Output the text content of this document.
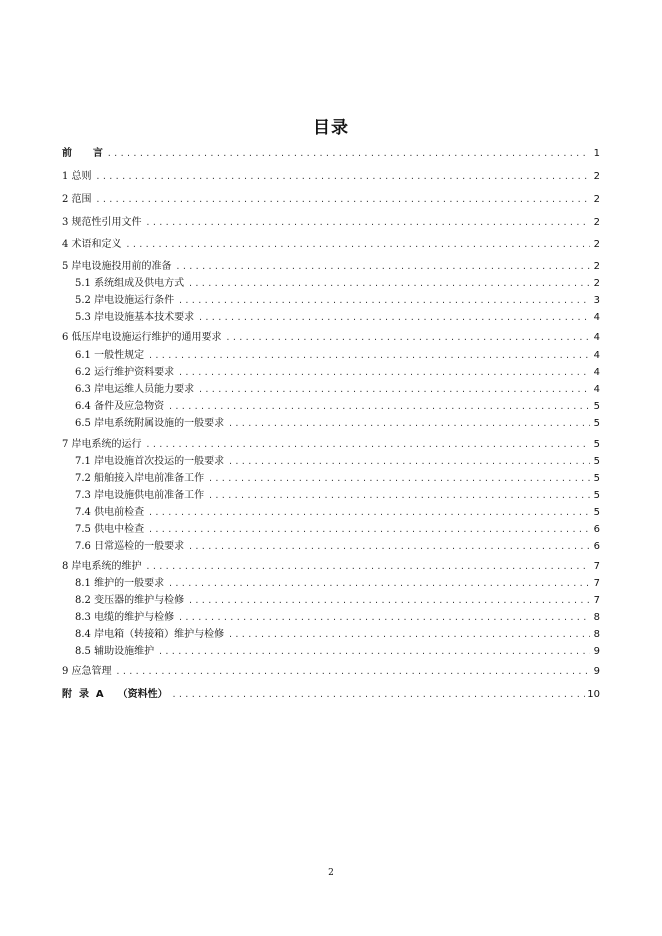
目录
前      言 .....	1
1 总则 .....	2
2 范围 .....	2
3 规范性引用文件 .....	2
4 术语和定义 .....	2
5 岸电设施投用前的准备 .....	2
5.1 系统组成及供电方式 .....	2
5.2 岸电设施运行条件 .....	3
5.3 岸电设施基本技术要求 .....	4
6 低压岸电设施运行维护的通用要求 .....	4
6.1 一般性规定 .....	4
6.2 运行维护资料要求 .....	4
6.3 岸电运维人员能力要求 .....	4
6.4 备件及应急物资 .....	5
6.5 岸电系统附属设施的一般要求 .....	5
7 岸电系统的运行 .....	5
7.1 岸电设施首次投运的一般要求 .....	5
7.2 船舶接入岸电前准备工作 .....	5
7.3 岸电设施供电前准备工作 .....	5
7.4 供电前检查 .....	5
7.5 供电中检查 .....	6
7.6 日常巡检的一般要求 .....	6
8 岸电系统的维护 .....	7
8.1 维护的一般要求 .....	7
8.2 变压器的维护与检修 .....	7
8.3 电缆的维护与检修 .....	8
8.4 岸电箱（转接箱）维护与检修 .....	8
8.5 辅助设施维护 .....	9
9 应急管理 .....	9
附  录  A    （资料性） .....	10
2
